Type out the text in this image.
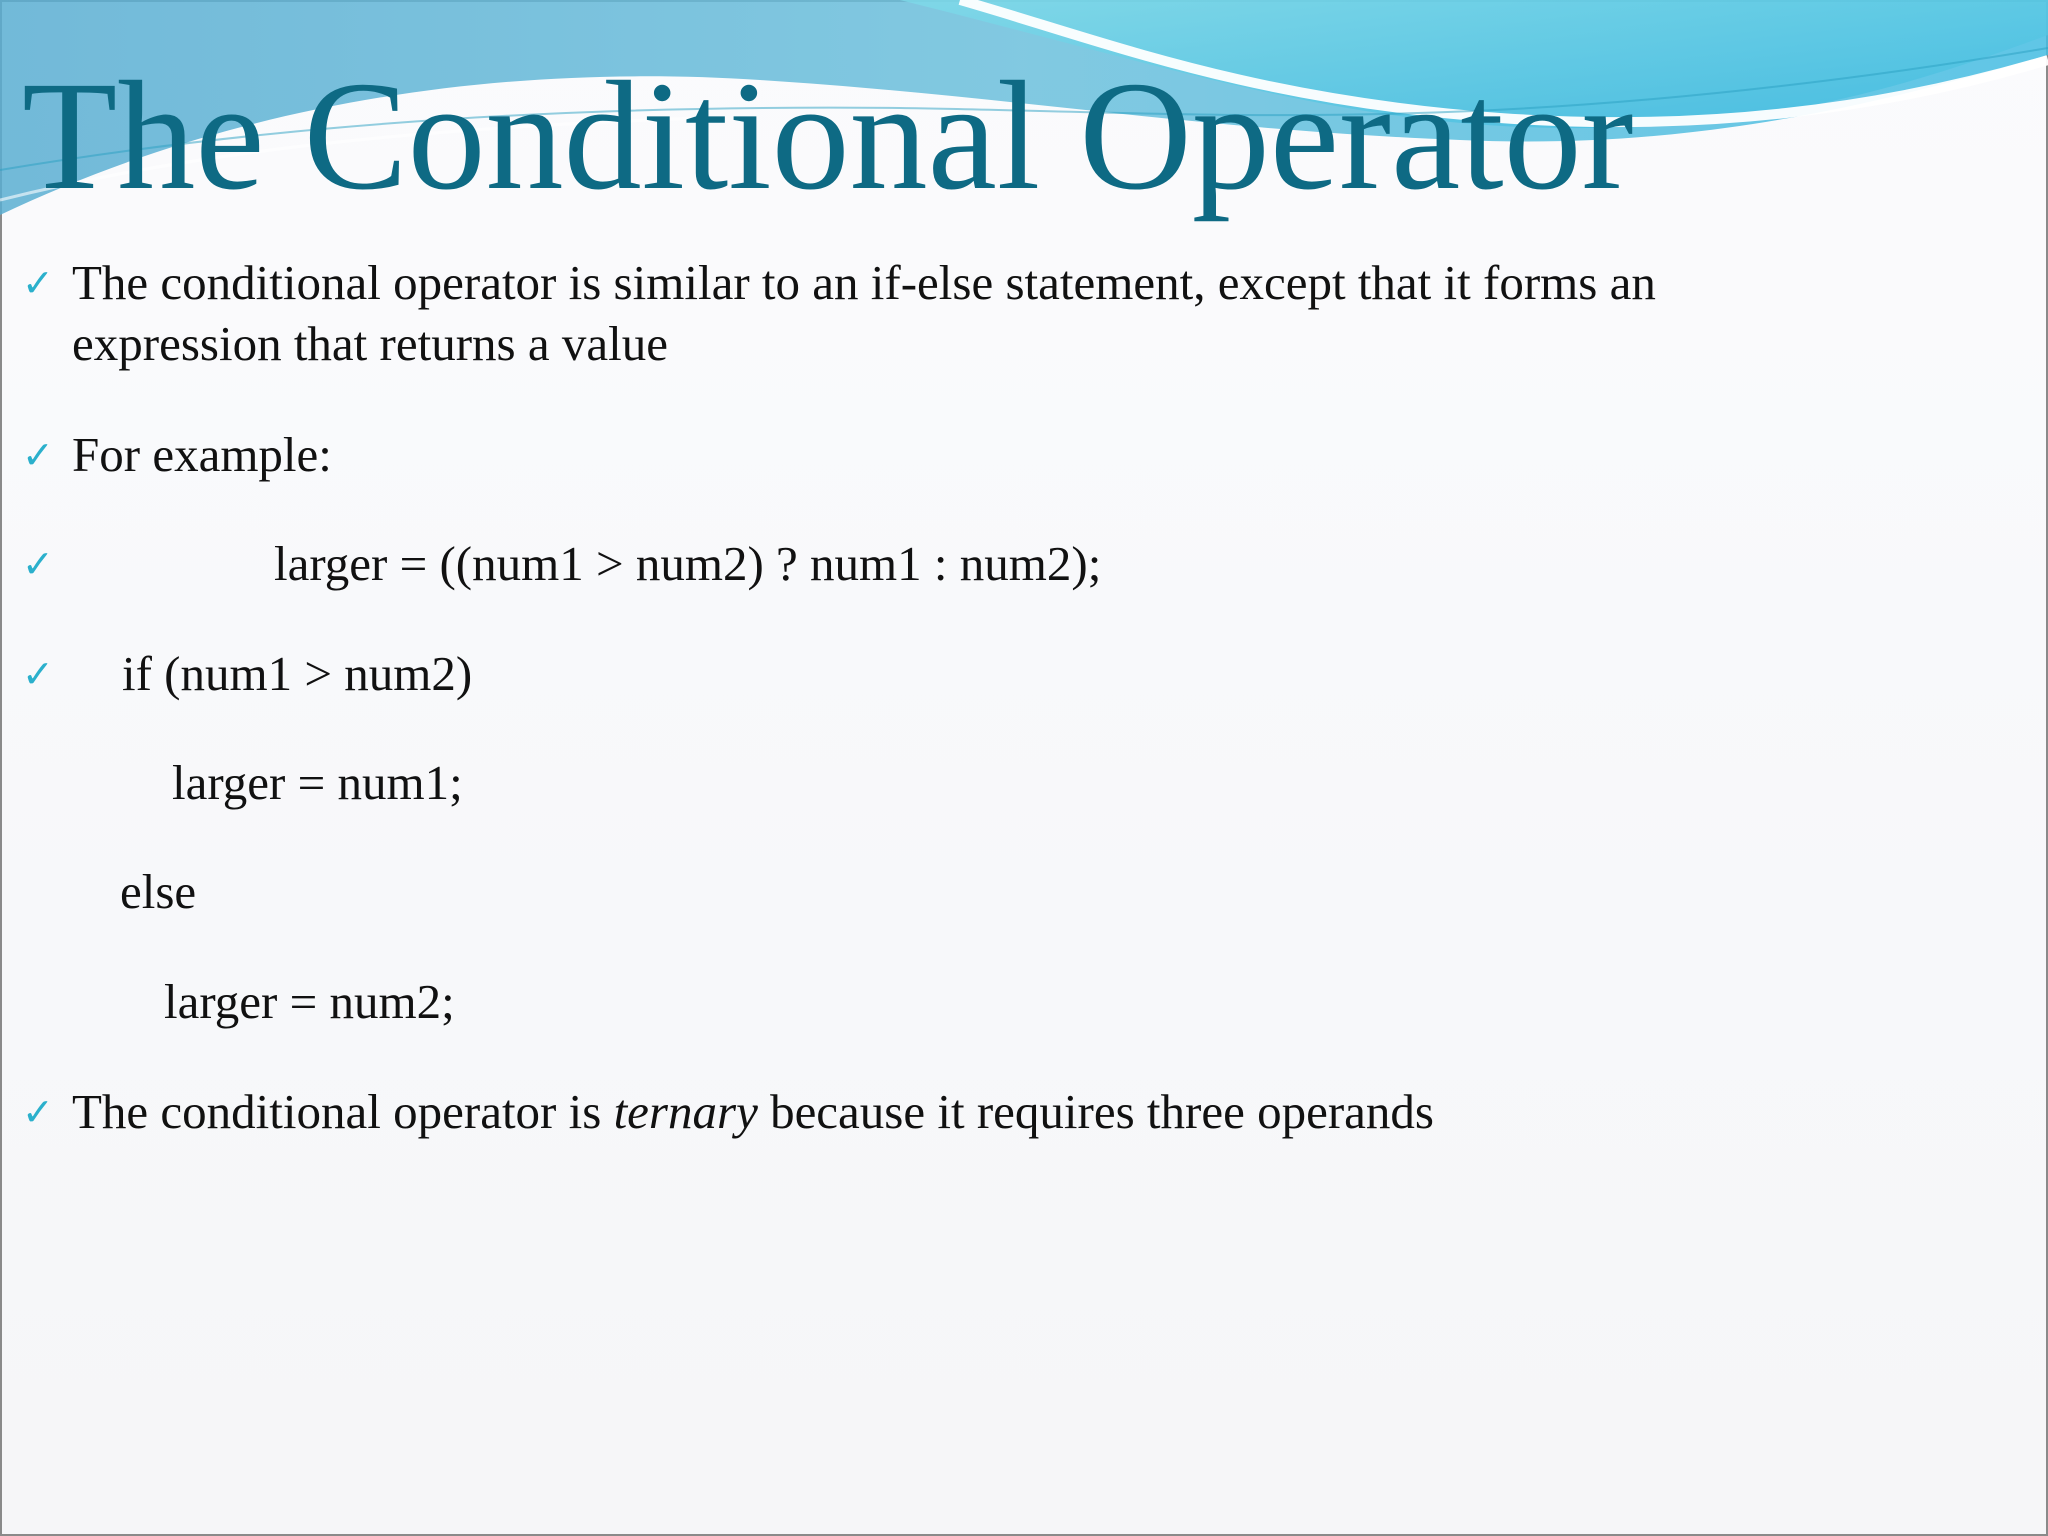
The Conditional Operator
✓ The conditional operator is similar to an if-else statement, except that it forms an
expression that returns a value
✓ For example:
✓	larger = ((num1 > num2) ? num1 : num2);
✓ if (num1 > num2)
larger = num1;
else
larger = num2;
✓ The conditional operator is ternary because it requires three operands
